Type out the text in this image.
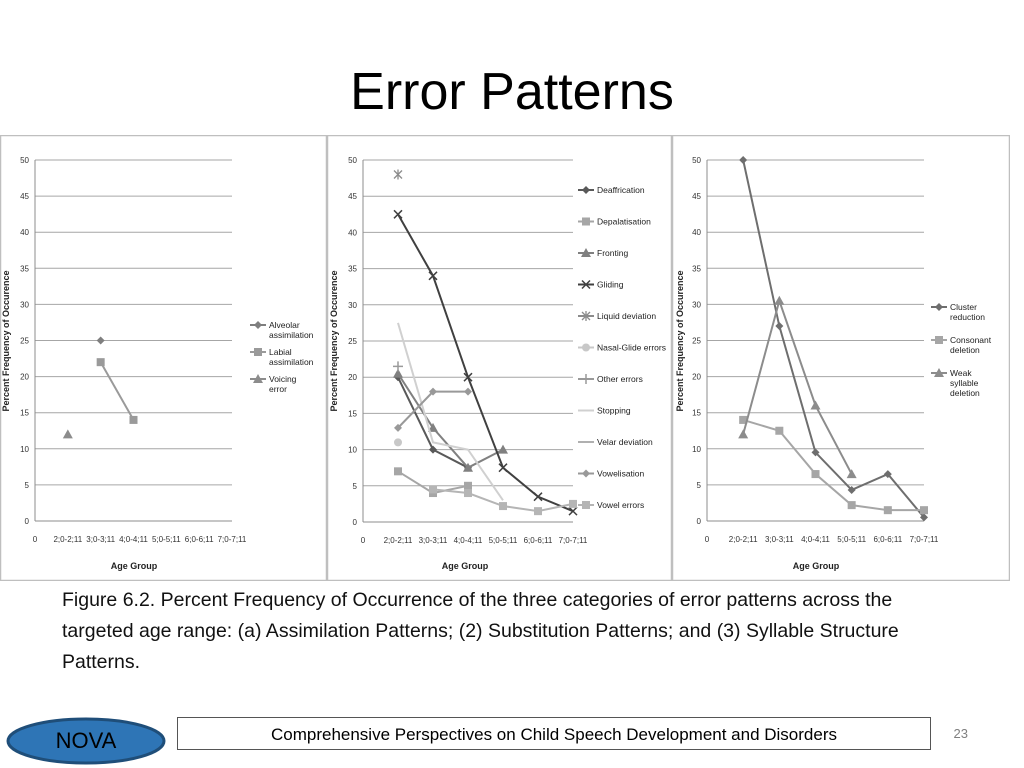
Error Patterns
0
5
10
15
20
25
30
35
40
45
50
0 2;0-2;11 3;0-3;11 4;0-4;11 5;0-5;11 6;0-6;11 7;0-7;11
Age Group
Percent Frequency of Occurence	Alveolar assimilation
Labial assimilation
Voicing error
0
5
10
15
20
25
30
35
40
45
50
0 2;0-2;11 3;0-3;11 4;0-4;11 5;0-5;11 6;0-6;11 7;0-7;11
Age Group
Percent Frequency of Occurence
Deaffrication
Depalatisation
Fronting
Gliding
Liquid deviation
Nasal-Glide errors
Other errors
Stopping
Velar deviation
Vowelisation
Vowel errors
0
5
10
15
20
25
30
35
40
45
50
0 2;0-2;11 3;0-3;11 4;0-4;11 5;0-5;11 6;0-6;11 7;0-7;11
Age Group
Percent Frequency of Occurence	Cluster reduction
Consonant deletion
Weak syllable deletion
Figure 6.2. Percent Frequency of Occurrence of the three categories of error patterns across the targeted age range: (a) Assimilation Patterns; (2) Substitution Patterns; and (3) Syllable Structure Patterns.
NOVA	Comprehensive Perspectives on Child Speech Development and Disorders	23
